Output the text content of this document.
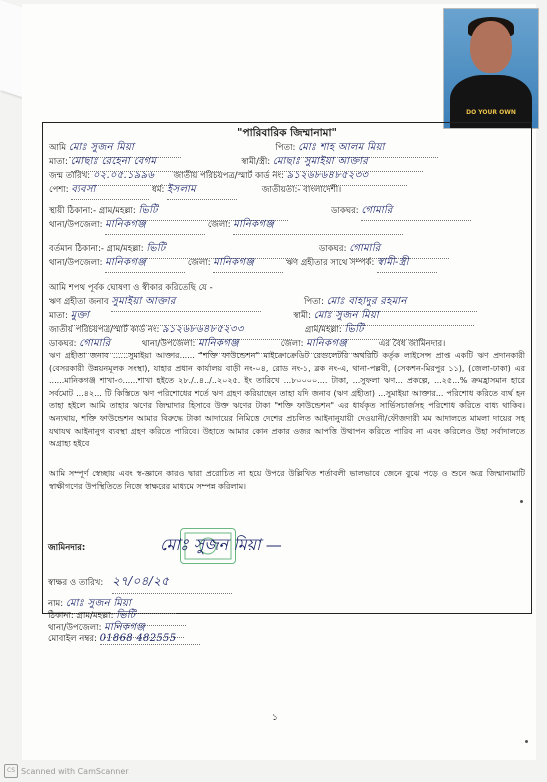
DO YOUR OWN
"পারিবারিক জিম্মানামা"
আমি মোঃ সুজন মিয়া	পিতা: মোঃ শাহ আলম মিয়া
মাতা: মোছাঃ রেহেনা বেগম	স্বামী/স্ত্রী: মোছাঃ সুমাইয়া আক্তার
জন্ম তারিখ: ০২.০৫.১৯৯৬ জাতীয় পরিচয়পত্র/স্মার্ট কার্ড নং: ৯১২৬৮৬৪৮৫২৩৩
পেশা: ব্যবসা	ধর্ম: ইসলাম	জাতীয়তা:- বাংলাদেশী।
স্থায়ী ঠিকানা:- গ্রাম/মহল্লা: ভিটি	ডাকঘর: গোমারি
থানা/উপজেলা: মানিকগঞ্জ	জেলা: মানিকগঞ্জ
বর্তমান ঠিকানা:- গ্রাম/মহল্লা: ভিটি	ডাকঘর: গোমারি
থানা/উপজেলা: মানিকগঞ্জ	জেলা: মানিকগঞ্জ	ঋণ গ্রহীতার সাথে সম্পর্ক: স্বামী-স্ত্রী
আমি শপথ পূর্বক ঘোষণা ও স্বীকার করিতেছি যে -
ঋণ গ্রহীতা জনাব সুমাইয়া আক্তার	পিতা: মোঃ বাহাদুর রহমান
মাতা: মুক্তা	স্বামী: মোঃ সুজন মিয়া
জাতীয় পরিচয়পত্র/স্মার্ট কার্ড নং: ৯১২৬৮৬৪৮৫২৩৩	গ্রাম/মহল্লা: ভিটি
ডাকঘর: গোমারি	থানা/উপজেলা: মানিকগঞ্জ	জেলা: মানিকগঞ্জ	এর বৈধ জামিনদার।
ঋণ গ্রহীতা জনাব ......সুমাইয়া আক্তার...... "শক্তি ফাউন্ডেশন" মাইক্রোক্রেডিট রেগুলেটরি অথরিটি কর্তৃক লাইসেন্স প্রাপ্ত একটি ঋণ প্রদানকারী (বেসরকারী উন্নয়নমূলক সংস্থা), যাহার প্রধান কার্যালয় বাড়ী নং-০৪, রোড নং-১, ব্লক নং-এ, থানা-পল্লবী, (সেকশন-মিরপুর ১১), (জেলা-ঢাকা) এর ......মানিকগঞ্জ শাখা-৩......শাখা হইতে ২৮./..৪../..২০২৫. ইং তারিখে ...৮০০০০.... টাকা, ...সুফলা ঋণ... প্রকল্পে, ...২৫...% ক্রমহ্রাসমান হারে সর্বমোট ...৪২... টি কিস্তিতে ঋণ পরিশোধের শর্তে ঋণ গ্রহণ করিয়াছেন তাহা যদি জনাব (ঋণ গ্রহীতা) ...সুমাইয়া আক্তার... পরিশোধ করিতে ব্যর্থ হন তাহা হইলে আমি তাহার ঋণের জিম্মাদার হিসাবে উক্ত ঋণের টাকা "শক্তি ফাউন্ডেশন" এর ধার্যকৃত সার্ভিসচার্জসহ পরিশোধ করিতে বাধ্য থাকিব। অন্যথায়, শক্তি ফাউন্ডেশন আমার বিরুদ্ধে টাকা আদায়ের নিমিত্তে দেশের প্রচলিত আইনানুযায়ী দেওয়ানী/ফৌজদারী মম আদালতে মামলা দায়ের সহ যথাযথ আইনানুগ ব্যবস্থা গ্রহণ করিতে পারিবে। উহাতে আমার কোন প্রকার ওজর আপত্তি উত্থাপন করিতে পারিব না এবং করিলেও উহা সর্বাদালতে অগ্রাহ্য হইবে
আমি সম্পূর্ণ স্বেচ্ছায় এবং স্ব-জ্ঞানে কারও দ্বারা প্ররোচিত না হয়ে উপরে উল্লিখিত শর্তাবলী ভালভাবে জেনে বুঝে পড়ে ও শুনে অত্র জিম্মানামাটি স্বাক্ষীগণের উপস্থিতিতে নিজে স্বাক্ষরের মাধ্যমে সম্পন্ন করিলাম।
জামিনদার:	মোঃ সুজন মিয়া —
স্বাক্ষর ও তারিখ: ২৭/০৪/২৫
নাম: মোঃ সুজন মিয়া
ঠিকানা: গ্রাম/মহল্লা: ভিটি
থানা/উপজেলা: মানিকগঞ্জ
মোবাইল নম্বর: 01868 482555
১
CS Scanned with CamScanner
